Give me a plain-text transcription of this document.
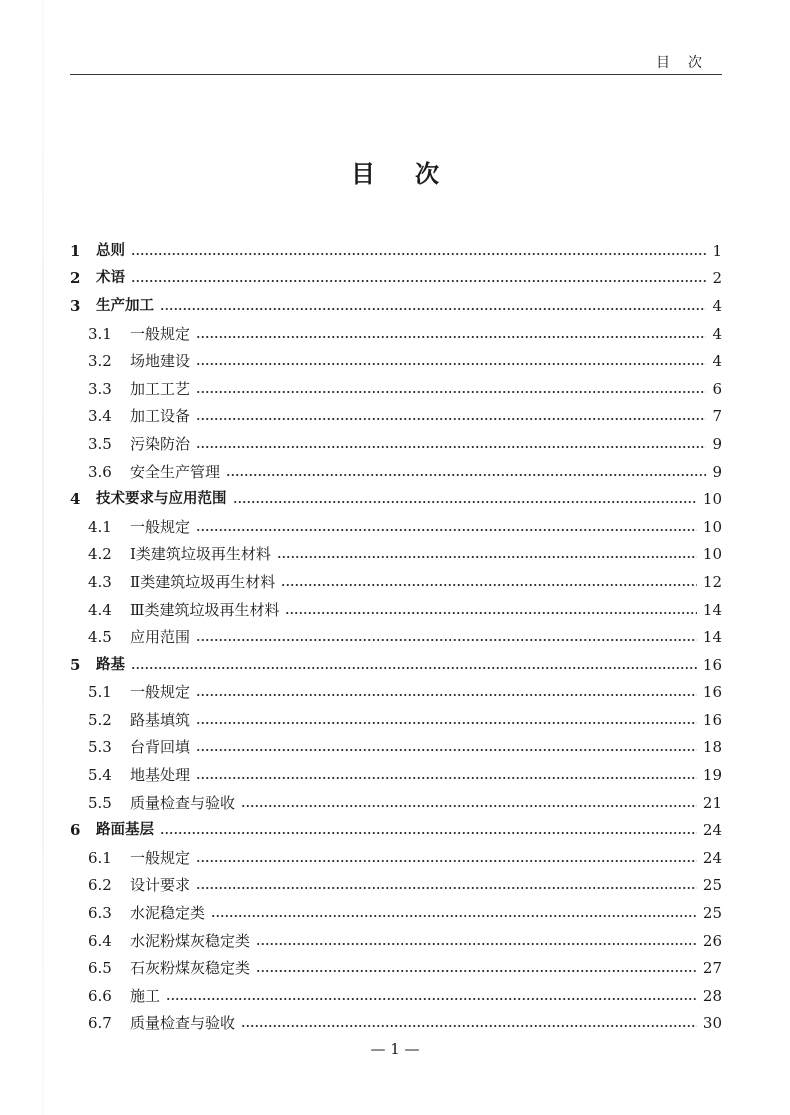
目次
目次
1	总则	1
2	术语	2
3	生产加工	4
3.1	一般规定	4
3.2	场地建设	4
3.3	加工工艺	6
3.4	加工设备	7
3.5	污染防治	9
3.6	安全生产管理	9
4	技术要求与应用范围	10
4.1	一般规定	10
4.2	Ⅰ类建筑垃圾再生材料	10
4.3	Ⅱ类建筑垃圾再生材料	12
4.4	Ⅲ类建筑垃圾再生材料	14
4.5	应用范围	14
5	路基	16
5.1	一般规定	16
5.2	路基填筑	16
5.3	台背回填	18
5.4	地基处理	19
5.5	质量检查与验收	21
6	路面基层	24
6.1	一般规定	24
6.2	设计要求	25
6.3	水泥稳定类	25
6.4	水泥粉煤灰稳定类	26
6.5	石灰粉煤灰稳定类	27
6.6	施工	28
6.7	质量检查与验收	30
— 1 —
